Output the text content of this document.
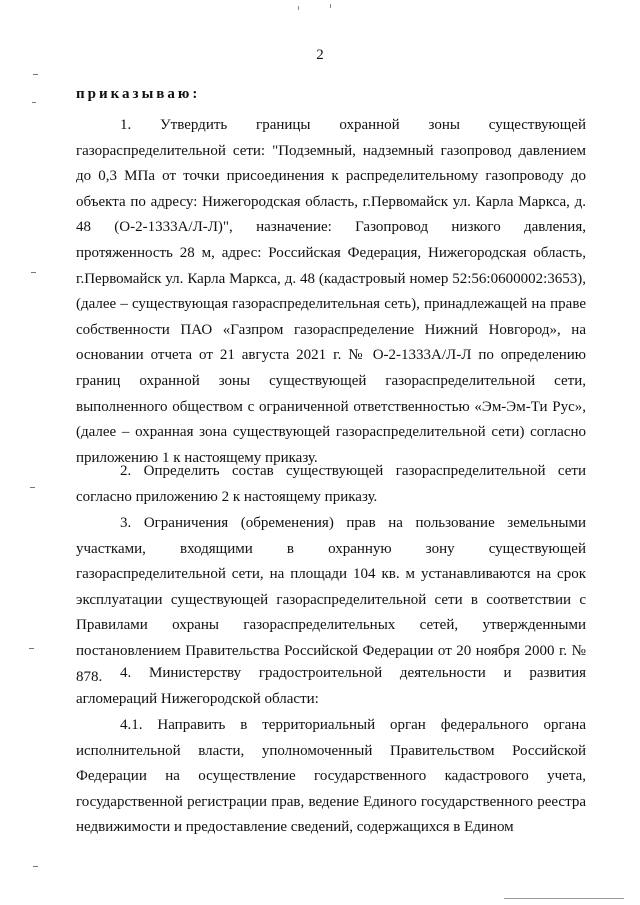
2
приказываю:
1. Утвердить границы охранной зоны существующей газораспределительной сети: "Подземный, надземный газопровод давлением до 0,3 МПа от точки присоединения к распределительному газопроводу до объекта по адресу: Нижегородская область, г.Первомайск ул. Карла Маркса, д. 48 (О-2-1333А/Л-Л)", назначение: Газопровод низкого давления, протяженность 28 м, адрес: Российская Федерация, Нижегородская область, г.Первомайск ул. Карла Маркса, д. 48 (кадастровый номер 52:56:0600002:3653), (далее – существующая газораспределительная сеть), принадлежащей на праве собственности ПАО «Газпром газораспределение Нижний Новгород», на основании отчета от 21 августа 2021 г. № О-2-1333А/Л-Л по определению границ охранной зоны существующей газораспределительной сети, выполненного обществом с ограниченной ответственностью «Эм-Эм-Ти Рус», (далее – охранная зона существующей газораспределительной сети) согласно приложению 1 к настоящему приказу.
2. Определить состав существующей газораспределительной сети согласно приложению 2 к настоящему приказу.
3. Ограничения (обременения) прав на пользование земельными участками, входящими в охранную зону существующей газораспределительной сети, на площади 104 кв. м устанавливаются на срок эксплуатации существующей газораспределительной сети в соответствии с Правилами охраны газораспределительных сетей, утвержденными постановлением Правительства Российской Федерации от 20 ноября 2000 г. № 878.	4. Министерству градостроительной деятельности и развития агломераций Нижегородской области:
4.1. Направить в территориальный орган федерального органа исполнительной власти, уполномоченный Правительством Российской Федерации на осуществление государственного кадастрового учета, государственной регистрации прав, ведение Единого государственного реестра недвижимости и предоставление сведений, содержащихся в Едином
